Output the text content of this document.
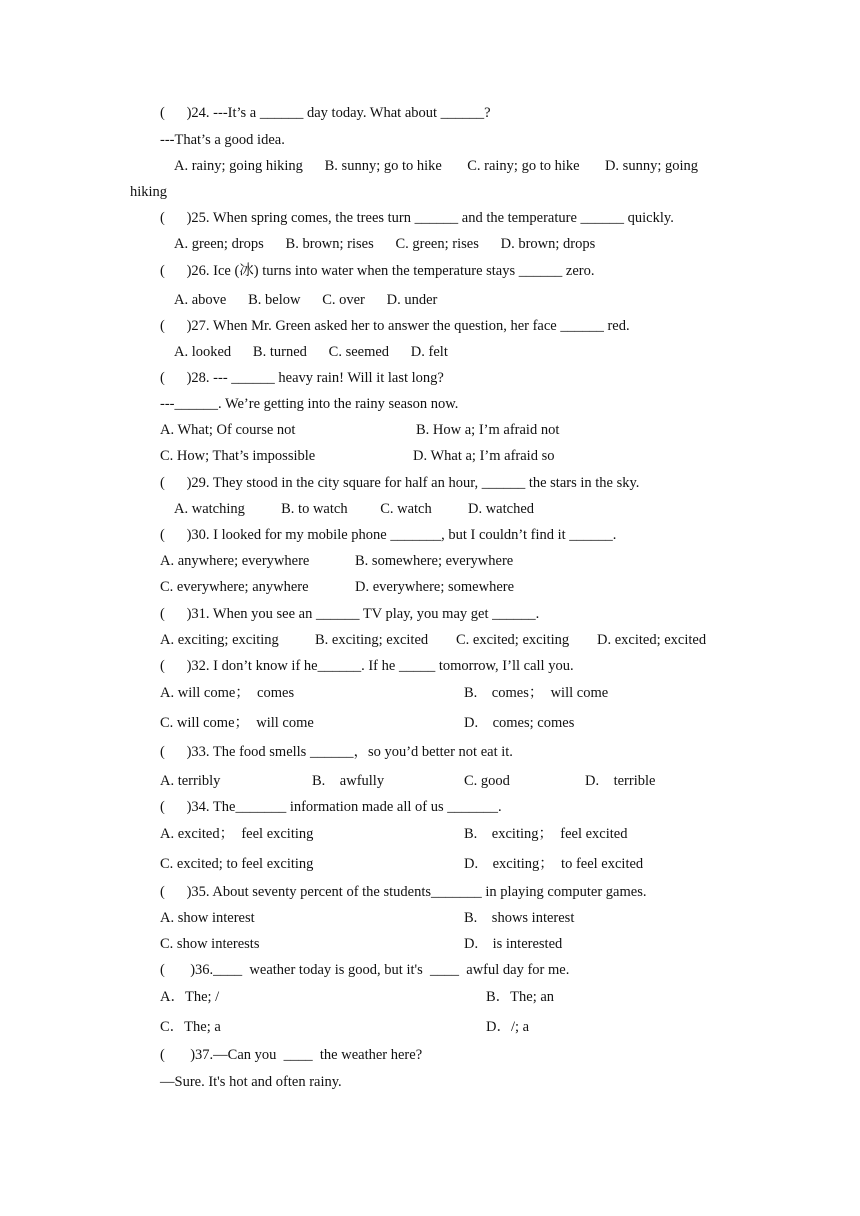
(      )24. ---It’s a ______ day today. What about ______?
---That’s a good idea.
A. rainy; going hiking      B. sunny; go to hike       C. rainy; go to hike       D. sunny; going
hiking
(      )25. When spring comes, the trees turn ______ and the temperature ______ quickly.
A. green; drops      B. brown; rises      C. green; rises      D. brown; drops
(      )26. Ice (冰) turns into water when the temperature stays ______ zero.
A. above      B. below      C. over      D. under
(      )27. When Mr. Green asked her to answer the question, her face ______ red.
A. looked      B. turned      C. seemed      D. felt
(      )28. --- ______ heavy rain! Will it last long?
---______. We’re getting into the rainy season now.
A. What; Of course not	B. How a; I’m afraid not
C. How; That’s impossible	D. What a; I’m afraid so
(      )29. They stood in the city square for half an hour, ______ the stars in the sky.
A. watching          B. to watch         C. watch          D. watched
(      )30. I looked for my mobile phone _______, but I couldn’t find it ______.
A. anywhere; everywhere	B. somewhere; everywhere
C. everywhere; anywhere	D. everywhere; somewhere
(      )31. When you see an ______ TV play, you may get ______.
A. exciting; exciting B. exciting; excited C. excited; exciting D. excited; excited
(      )32. I don’t know if he______. If he _____ tomorrow, I’ll call you.
A. will come；  comes	B.    comes；  will come
C. will come；  will come	D.    comes; comes
(      )33. The food smells ______，so you’d better not eat it.
A. terribly	B.    awfully	C. good	D.    terrible
(      )34. The_______ information made all of us _______.
A. excited；  feel exciting	B.    exciting；  feel excited
C. excited; to feel exciting	D.    exciting；  to feel excited
(      )35. About seventy percent of the students_______ in playing computer games.
A. show interest	B.    shows interest
C. show interests	D.    is interested
(       )36.____  weather today is good, but it's  ____  awful day for me.
A．The; /	B．The; an
C．The; a	D．/; a
(       )37.—Can you  ____  the weather here?
—Sure. It's hot and often rainy.
